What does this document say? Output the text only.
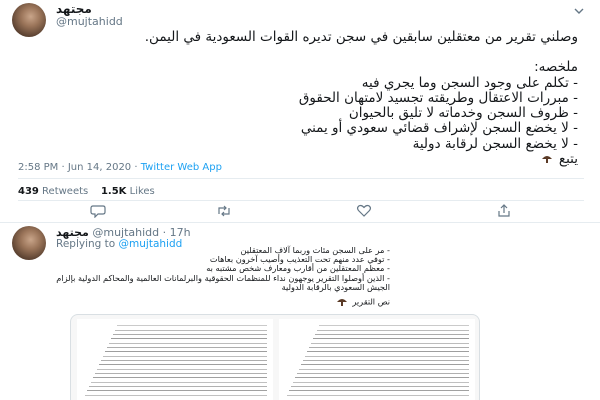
مجتهد
@mujtahidd
وصلني تقرير من معتقلين سابقين في سجن تديره القوات السعودية في اليمن.
ملخصه:
- تكلم على وجود السجن وما يجري فيه
- مبررات الاعتقال وطريقته تجسيد لامتهان الحقوق
- ظروف السجن وخدماته لا تليق بالحيوان
- لا يخضع السجن لإشراف قضائي سعودي أو يمني
- لا يخضع السجن لرقابة دولية
يتبع
2:58 PM · Jun 14, 2020 · Twitter Web App
439 Retweets 1.5K Likes
مجتهد @mujtahidd · 17h
Replying to @mujtahidd	- مر على السجن مئات وربما آلاف المعتقلين
- توفي عدد منهم تحت التعذيب وأصيب آخرون بعاهات
- معظم المعتقلين من أقارب ومعارف شخص مشتبه به
- الذين أوصلوا التقرير يوجهون نداء للمنظمات الحقوقية والبرلمانات العالمية والمحاكم الدولية بإلزام
الجيش السعودي بالرقابة الدولية
نص التقرير
